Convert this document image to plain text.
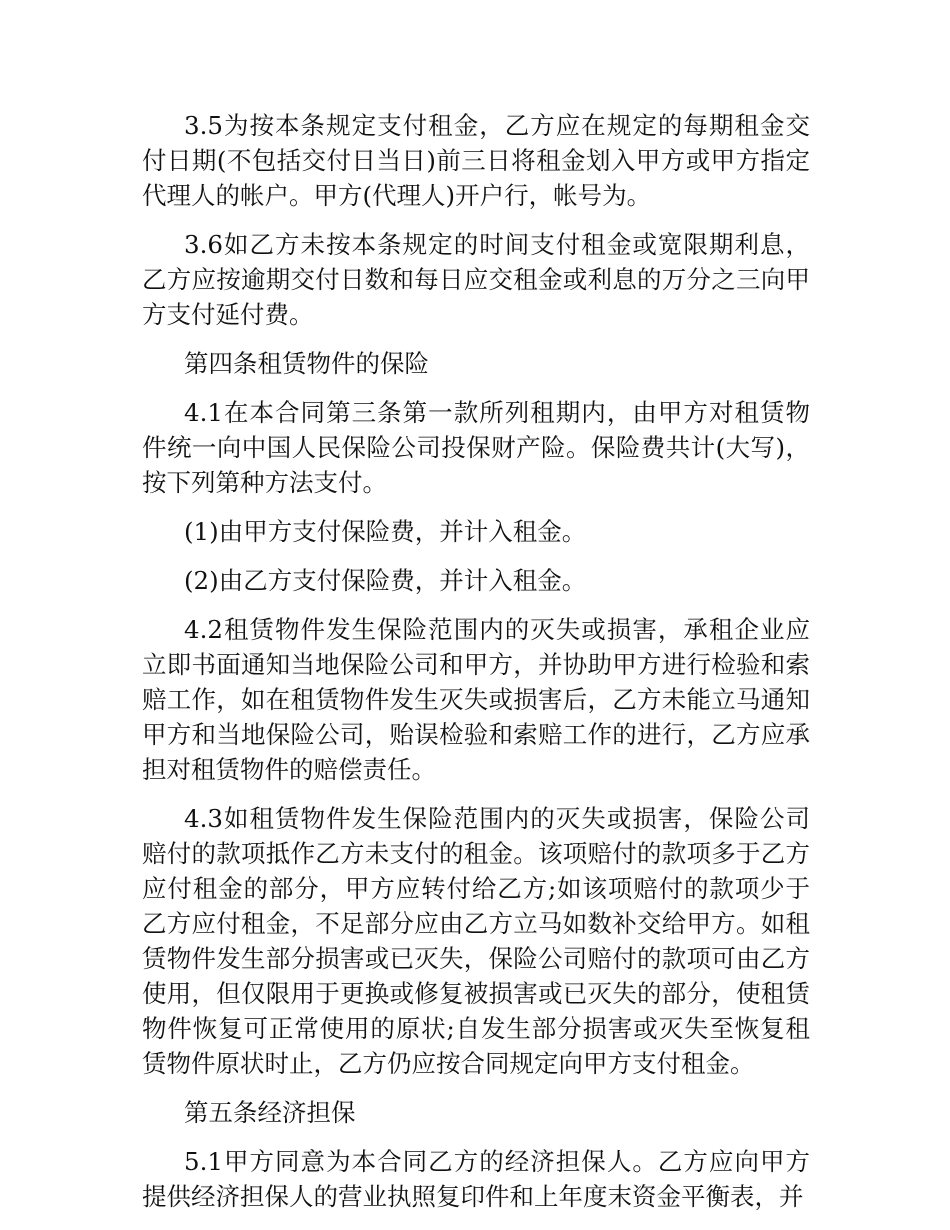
3.5为按本条规定支付租金，乙方应在规定的每期租金交付日期(不包括交付日当日)前三日将租金划入甲方或甲方指定代理人的帐户。甲方(代理人)开户行，帐号为。

3.6如乙方未按本条规定的时间支付租金或宽限期利息，乙方应按逾期交付日数和每日应交租金或利息的万分之三向甲方支付延付费。

第四条租赁物件的保险

4.1在本合同第三条第一款所列租期内，由甲方对租赁物件统一向中国人民保险公司投保财产险。保险费共计(大写)，按下列第种方法支付。

(1)由甲方支付保险费，并计入租金。

(2)由乙方支付保险费，并计入租金。

4.2租赁物件发生保险范围内的灭失或损害，承租企业应立即书面通知当地保险公司和甲方，并协助甲方进行检验和索赔工作，如在租赁物件发生灭失或损害后，乙方未能立马通知甲方和当地保险公司，贻误检验和索赔工作的进行，乙方应承担对租赁物件的赔偿责任。

4.3如租赁物件发生保险范围内的灭失或损害，保险公司赔付的款项抵作乙方未支付的租金。该项赔付的款项多于乙方应付租金的部分，甲方应转付给乙方;如该项赔付的款项少于乙方应付租金，不足部分应由乙方立马如数补交给甲方。如租赁物件发生部分损害或已灭失，保险公司赔付的款项可由乙方使用，但仅限用于更换或修复被损害或已灭失的部分，使租赁物件恢复可正常使用的原状;自发生部分损害或灭失至恢复租赁物件原状时止，乙方仍应按合同规定向甲方支付租金。

第五条经济担保

5.1甲方同意为本合同乙方的经济担保人。乙方应向甲方提供经济担保人的营业执照复印件和上年度末资金平衡表，并
